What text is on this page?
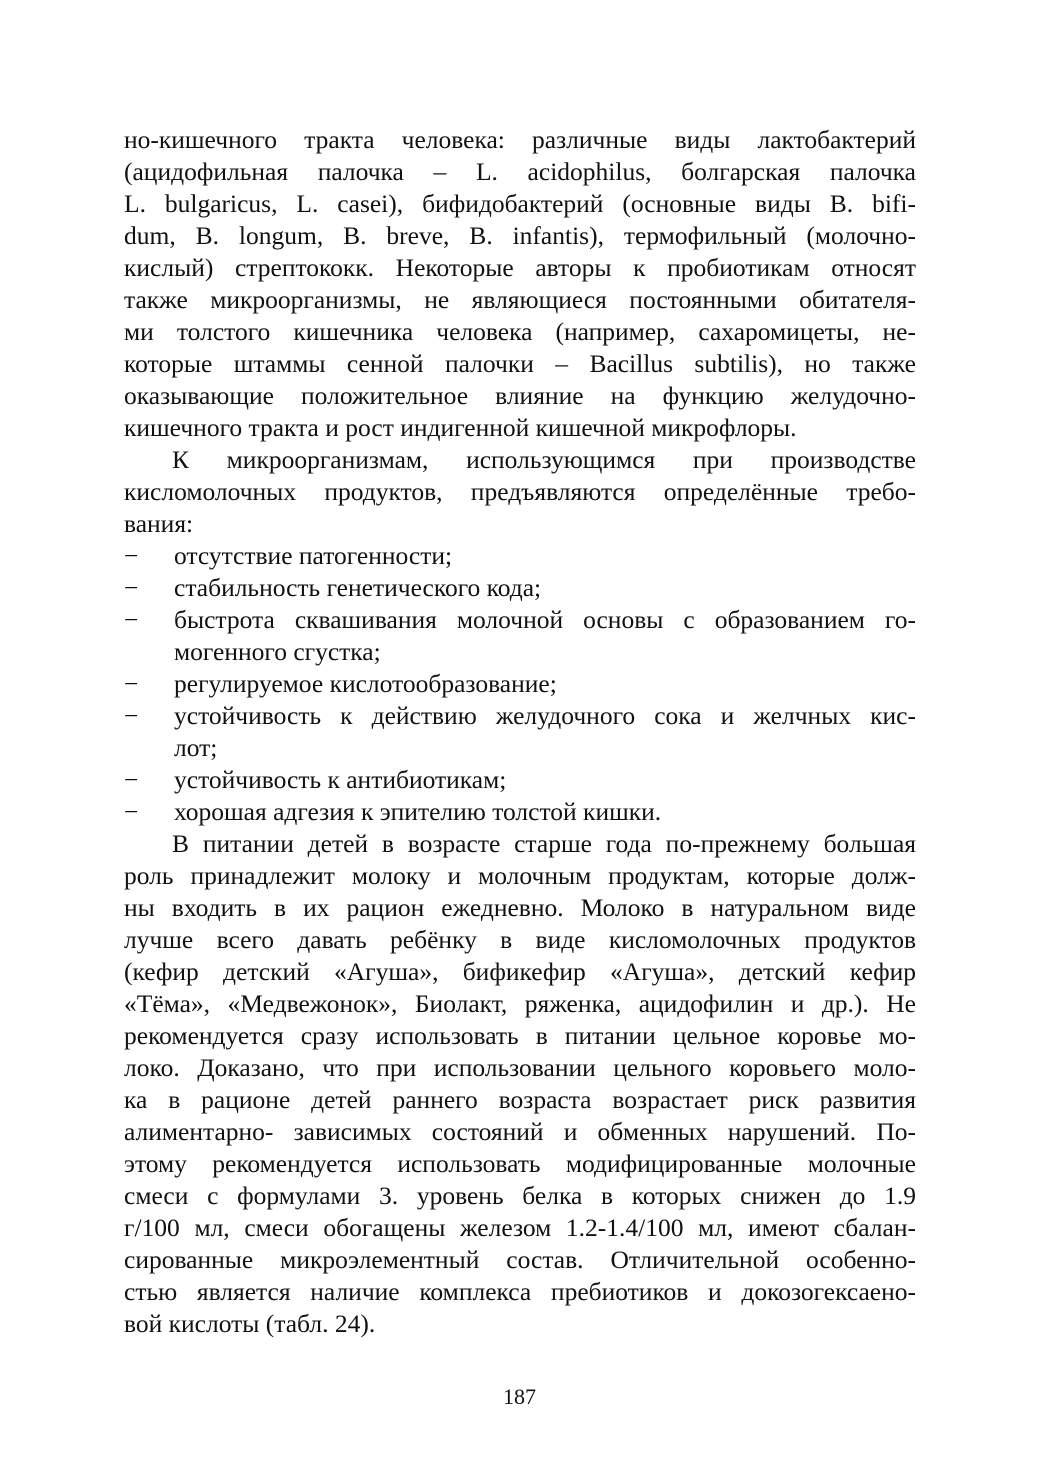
но-кишечного тракта человека: различные виды лактобактерий
(ацидофильная палочка – L. acidophilus, болгарская палочка
L. bulgaricus, L. casei), бифидобактерий (основные виды B. bifi-
dum, B. longum, B. breve, B. infantis), термофильный (молочно-
кислый) стрептококк. Некоторые авторы к пробиотикам относят
также микроорганизмы, не являющиеся постоянными обитателя-
ми толстого кишечника человека (например, сахаромицеты, не-
которые штаммы сенной палочки – Bacillus subtilis), но также
оказывающие положительное влияние на функцию желудочно-
кишечного тракта и рост индигенной кишечной микрофлоры.
К микроорганизмам, использующимся при производстве
кисломолочных продуктов, предъявляются определённые требо-
вания:
−	отсутствие патогенности;
−	стабильность генетического кода;
−	быстрота сквашивания молочной основы с образованием го-
могенного сгустка;
−	регулируемое кислотообразование;
−	устойчивость к действию желудочного сока и желчных кис-
лот;
−	устойчивость к антибиотикам;
−	хорошая адгезия к эпителию толстой кишки.
В питании детей в возрасте старше года по-прежнему большая
роль принадлежит молоку и молочным продуктам, которые долж-
ны входить в их рацион ежедневно. Молоко в натуральном виде
лучше всего давать ребёнку в виде кисломолочных продуктов
(кефир детский «Агуша», бификефир «Агуша», детский кефир
«Тёма», «Медвежонок», Биолакт, ряженка, ацидофилин и др.). Не
рекомендуется сразу использовать в питании цельное коровье мо-
локо. Доказано, что при использовании цельного коровьего моло-
ка в рационе детей раннего возраста возрастает риск развития
алиментарно- зависимых состояний и обменных нарушений. По-
этому рекомендуется использовать модифицированные молочные
смеси с формулами 3. уровень белка в которых снижен до 1.9
г/100 мл, смеси обогащены железом 1.2-1.4/100 мл, имеют сбалан-
сированные микроэлементный состав. Отличительной особенно-
стью является наличие комплекса пребиотиков и докозогексаено-
вой кислоты (табл. 24).
187
